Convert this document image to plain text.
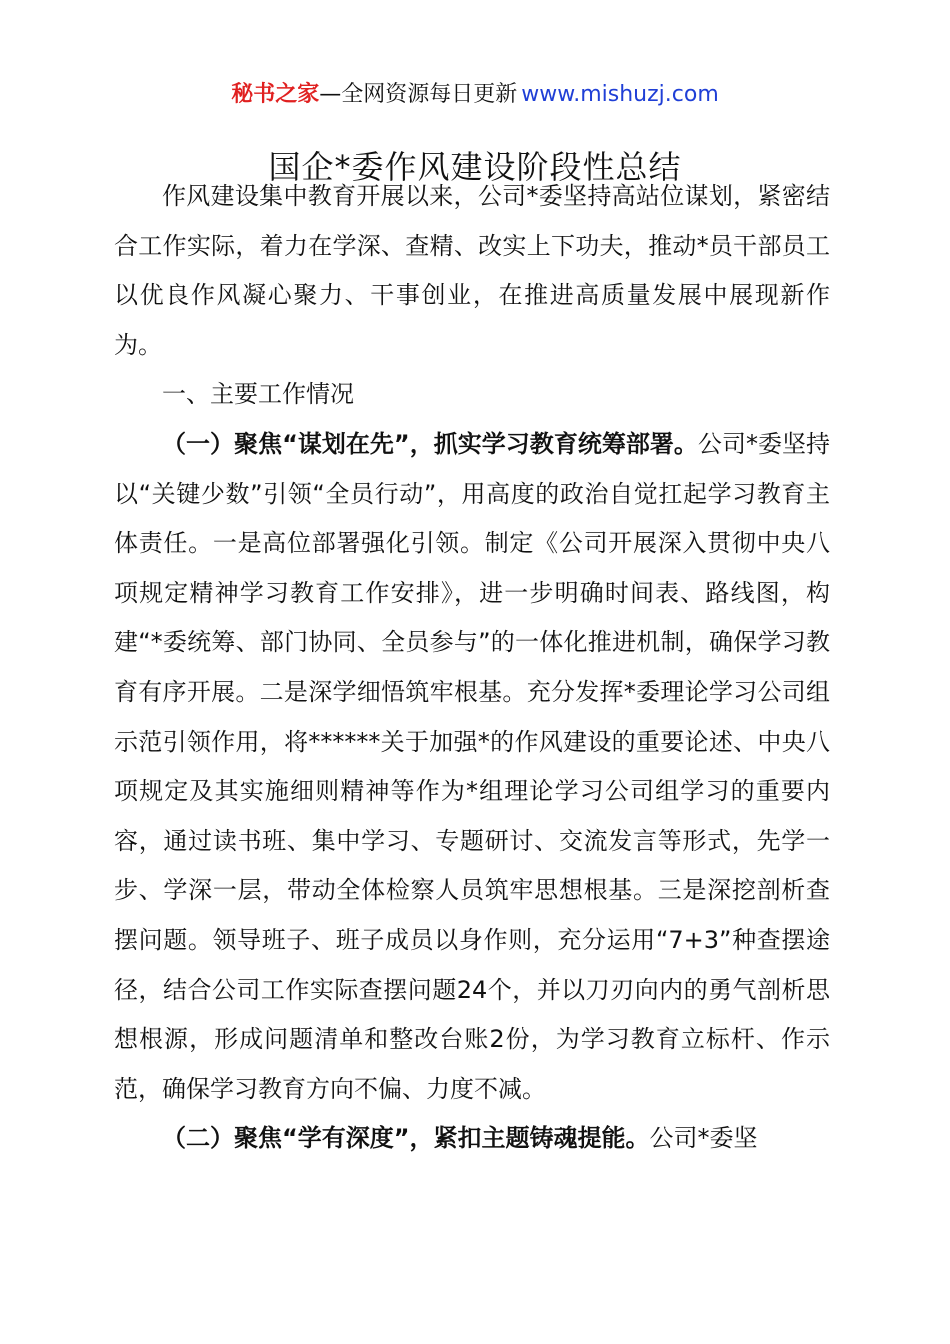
秘书之家—全网资源每日更新 www.mishuzj.com
国企*委作风建设阶段性总结

作风建设集中教育开展以来，公司*委坚持高站位谋划，紧密结合工作实际，着力在学深、查精、改实上下功夫，推动*员干部员工以优良作风凝心聚力、干事创业，在推进高质量发展中展现新作为。

一、主要工作情况

（一）聚焦“谋划在先”，抓实学习教育统筹部署。公司*委坚持以“关键少数”引领“全员行动”，用高度的政治自觉扛起学习教育主体责任。一是高位部署强化引领。制定《公司开展深入贯彻中央八项规定精神学习教育工作安排》，进一步明确时间表、路线图，构建“*委统筹、部门协同、全员参与”的一体化推进机制，确保学习教育有序开展。二是深学细悟筑牢根基。充分发挥*委理论学习公司组示范引领作用，将******关于加强*的作风建设的重要论述、中央八项规定及其实施细则精神等作为*组理论学习公司组学习的重要内容，通过读书班、集中学习、专题研讨、交流发言等形式，先学一步、学深一层，带动全体检察人员筑牢思想根基。三是深挖剖析查摆问题。领导班子、班子成员以身作则，充分运用“7+3”种查摆途径，结合公司工作实际查摆问题24个，并以刀刃向内的勇气剖析思想根源，形成问题清单和整改台账2份，为学习教育立标杆、作示范，确保学习教育方向不偏、力度不减。

（二）聚焦“学有深度”，紧扣主题铸魂提能。公司*委坚
